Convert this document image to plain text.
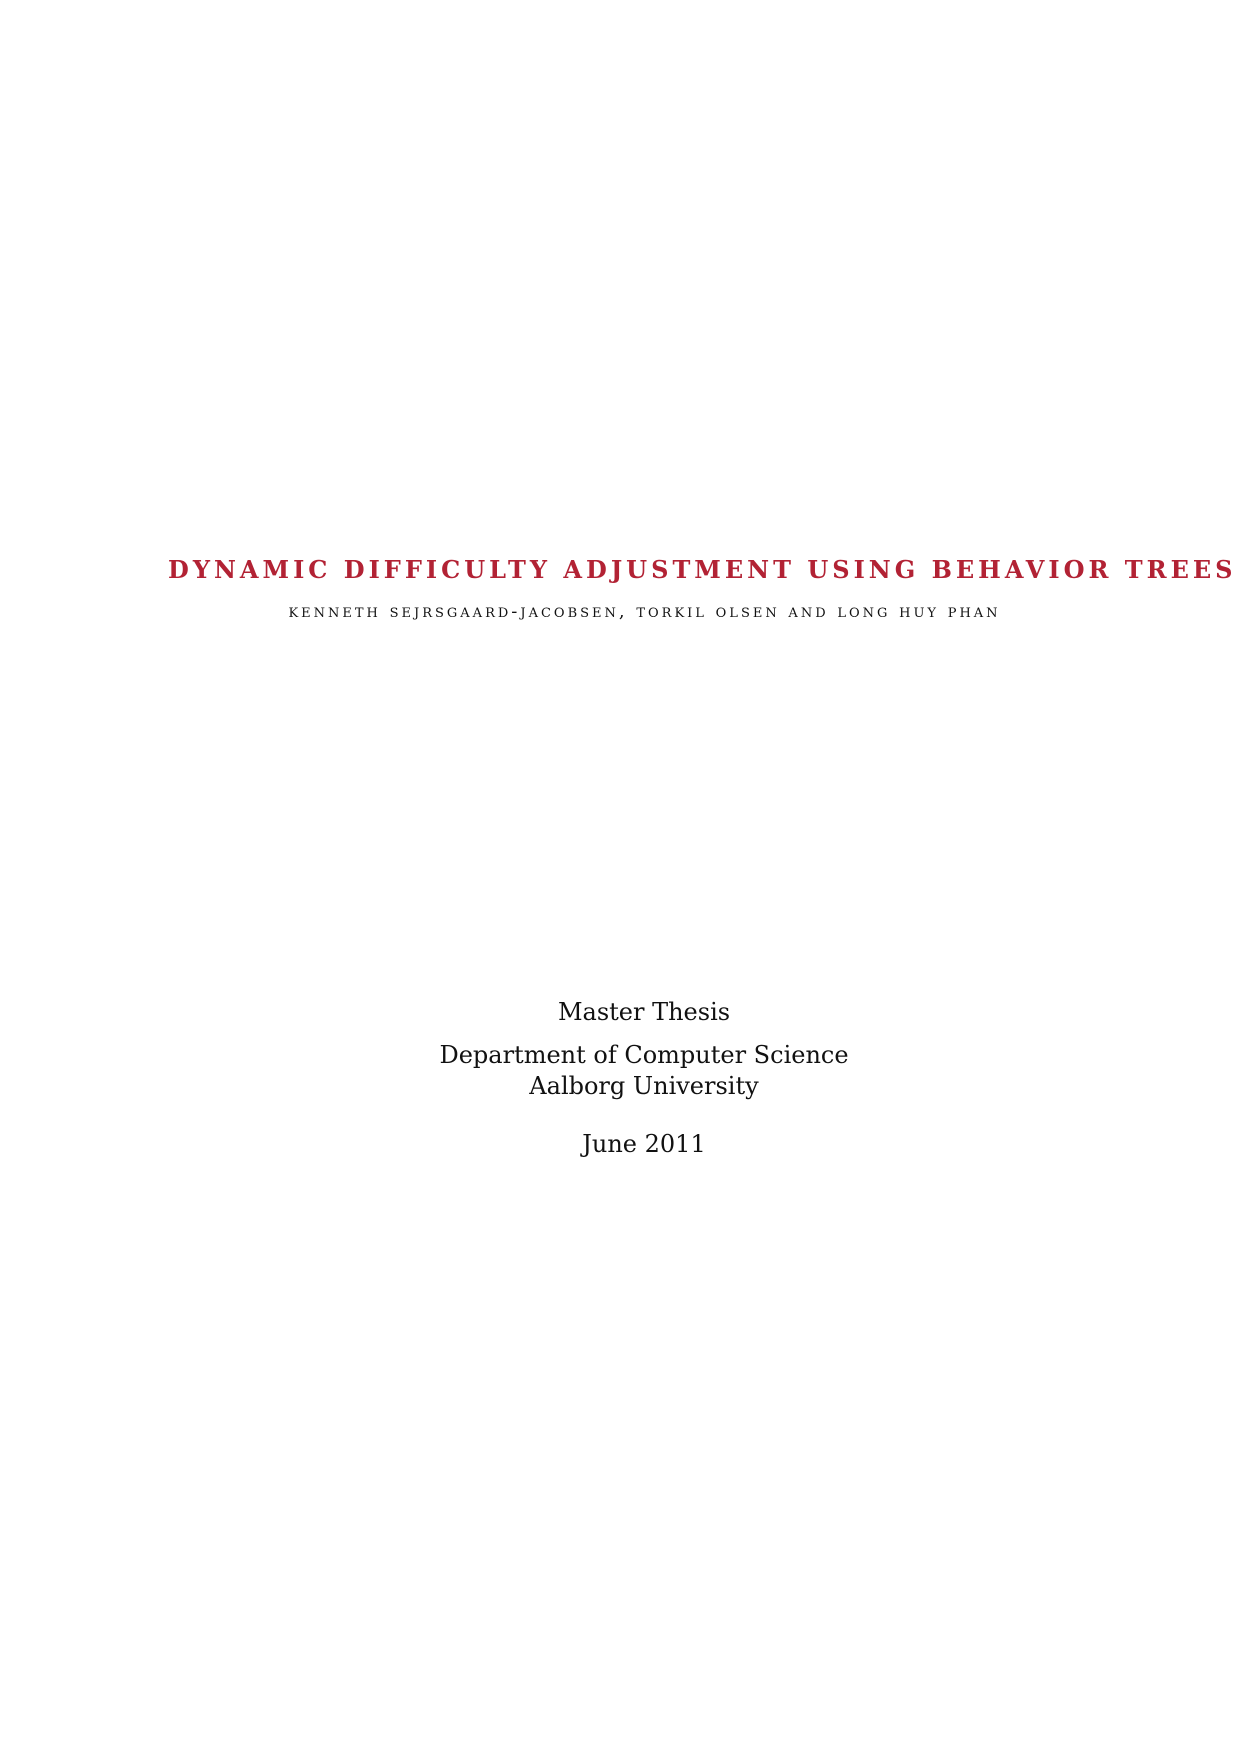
DYNAMIC DIFFICULTY ADJUSTMENT USING BEHAVIOR TREES
kenneth sejrsgaard-jacobsen, torkil olsen and long huy phan
Master Thesis
Department of Computer Science
Aalborg University
June 2011
